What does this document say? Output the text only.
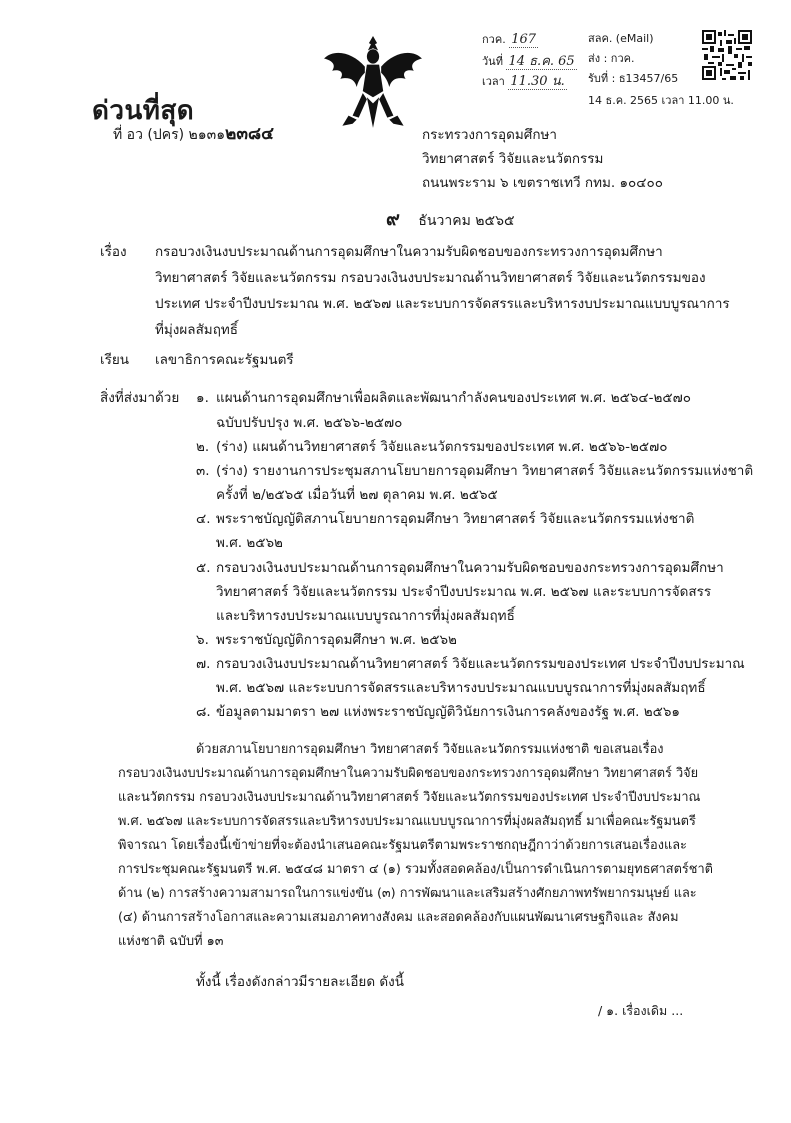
ด่วนที่สุด
ที่ อว (ปคร) ๒๑๓๑๒๓๘๔
กวค. 167
วันที่ 14 ธ.ค. 65
เวลา 11.30 น.
สลค. (eMail)
ส่ง : กวค.
รับที่ : ธ13457/65
14 ธ.ค. 2565 เวลา 11.00 น.
กระทรวงการอุดมศึกษา
วิทยาศาสตร์ วิจัยและนวัตกรรม
ถนนพระราม ๖ เขตราชเทวี กทม. ๑๐๔๐๐
๙ ธันวาคม ๒๕๖๕
เรื่อง กรอบวงเงินงบประมาณด้านการอุดมศึกษาในความรับผิดชอบของกระทรวงการอุดมศึกษา
วิทยาศาสตร์ วิจัยและนวัตกรรม กรอบวงเงินงบประมาณด้านวิทยาศาสตร์ วิจัยและนวัตกรรมของ
ประเทศ ประจำปีงบประมาณ พ.ศ. ๒๕๖๗ และระบบการจัดสรรและบริหารงบประมาณแบบบูรณาการ
ที่มุ่งผลสัมฤทธิ์
เรียน เลขาธิการคณะรัฐมนตรี
สิ่งที่ส่งมาด้วย ๑. แผนด้านการอุดมศึกษาเพื่อผลิตและพัฒนากำลังคนของประเทศ พ.ศ. ๒๕๖๔-๒๕๗๐
ฉบับปรับปรุง พ.ศ. ๒๕๖๖-๒๕๗๐
๒. (ร่าง) แผนด้านวิทยาศาสตร์ วิจัยและนวัตกรรมของประเทศ พ.ศ. ๒๕๖๖-๒๕๗๐
๓. (ร่าง) รายงานการประชุมสภานโยบายการอุดมศึกษา วิทยาศาสตร์ วิจัยและนวัตกรรมแห่งชาติ
ครั้งที่ ๒/๒๕๖๕ เมื่อวันที่ ๒๗ ตุลาคม พ.ศ. ๒๕๖๕
๔. พระราชบัญญัติสภานโยบายการอุดมศึกษา วิทยาศาสตร์ วิจัยและนวัตกรรมแห่งชาติ
พ.ศ. ๒๕๖๒
๕. กรอบวงเงินงบประมาณด้านการอุดมศึกษาในความรับผิดชอบของกระทรวงการอุดมศึกษา
วิทยาศาสตร์ วิจัยและนวัตกรรม ประจำปีงบประมาณ พ.ศ. ๒๕๖๗ และระบบการจัดสรร
และบริหารงบประมาณแบบบูรณาการที่มุ่งผลสัมฤทธิ์
๖. พระราชบัญญัติการอุดมศึกษา พ.ศ. ๒๕๖๒
๗. กรอบวงเงินงบประมาณด้านวิทยาศาสตร์ วิจัยและนวัตกรรมของประเทศ ประจำปีงบประมาณ
พ.ศ. ๒๕๖๗ และระบบการจัดสรรและบริหารงบประมาณแบบบูรณาการที่มุ่งผลสัมฤทธิ์
๘. ข้อมูลตามมาตรา ๒๗ แห่งพระราชบัญญัติวินัยการเงินการคลังของรัฐ พ.ศ. ๒๕๖๑
ด้วยสภานโยบายการอุดมศึกษา วิทยาศาสตร์ วิจัยและนวัตกรรมแห่งชาติ ขอเสนอเรื่อง
กรอบวงเงินงบประมาณด้านการอุดมศึกษาในความรับผิดชอบของกระทรวงการอุดมศึกษา วิทยาศาสตร์ วิจัย
และนวัตกรรม กรอบวงเงินงบประมาณด้านวิทยาศาสตร์ วิจัยและนวัตกรรมของประเทศ ประจำปีงบประมาณ
พ.ศ. ๒๕๖๗ และระบบการจัดสรรและบริหารงบประมาณแบบบูรณาการที่มุ่งผลสัมฤทธิ์ มาเพื่อคณะรัฐมนตรี
พิจารณา โดยเรื่องนี้เข้าข่ายที่จะต้องนำเสนอคณะรัฐมนตรีตามพระราชกฤษฎีกาว่าด้วยการเสนอเรื่องและ
การประชุมคณะรัฐมนตรี พ.ศ. ๒๕๔๘ มาตรา ๔ (๑) รวมทั้งสอดคล้อง/เป็นการดำเนินการตามยุทธศาสตร์ชาติ
ด้าน (๒) การสร้างความสามารถในการแข่งขัน (๓) การพัฒนาและเสริมสร้างศักยภาพทรัพยากรมนุษย์ และ
(๔) ด้านการสร้างโอกาสและความเสมอภาคทางสังคม และสอดคล้องกับแผนพัฒนาเศรษฐกิจและ สังคม
แห่งชาติ ฉบับที่ ๑๓
ทั้งนี้ เรื่องดังกล่าวมีรายละเอียด ดังนี้
/ ๑. เรื่องเดิม ...
